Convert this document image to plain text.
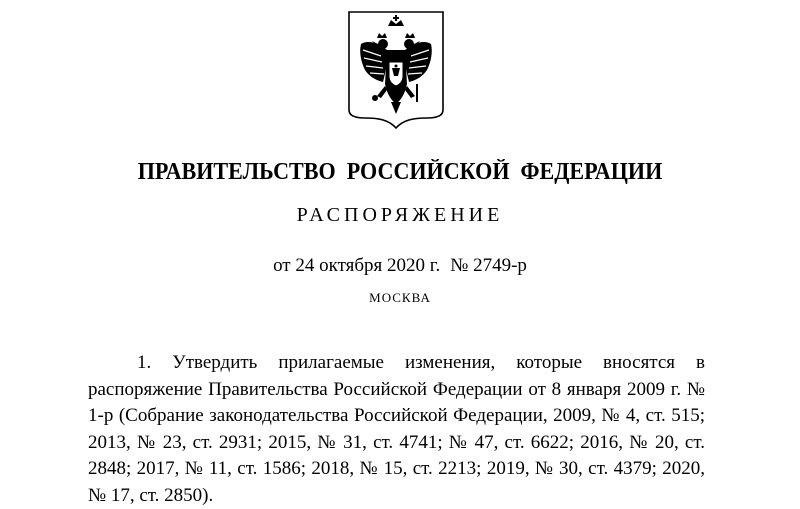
ПРАВИТЕЛЬСТВО РОССИЙСКОЙ ФЕДЕРАЦИИ
РАСПОРЯЖЕНИЕ
от 24 октября 2020 г. № 2749-р
МОСКВА

1. Утвердить прилагаемые изменения, которые вносятся в распоряжение Правительства Российской Федерации от 8 января 2009 г. № 1-р (Собрание законодательства Российской Федерации, 2009, № 4, ст. 515; 2013, № 23, ст. 2931; 2015, № 31, ст. 4741; № 47, ст. 6622; 2016, № 20, ст. 2848; 2017, № 11, ст. 1586; 2018, № 15, ст. 2213; 2019, № 30, ст. 4379; 2020, № 17, ст. 2850).
